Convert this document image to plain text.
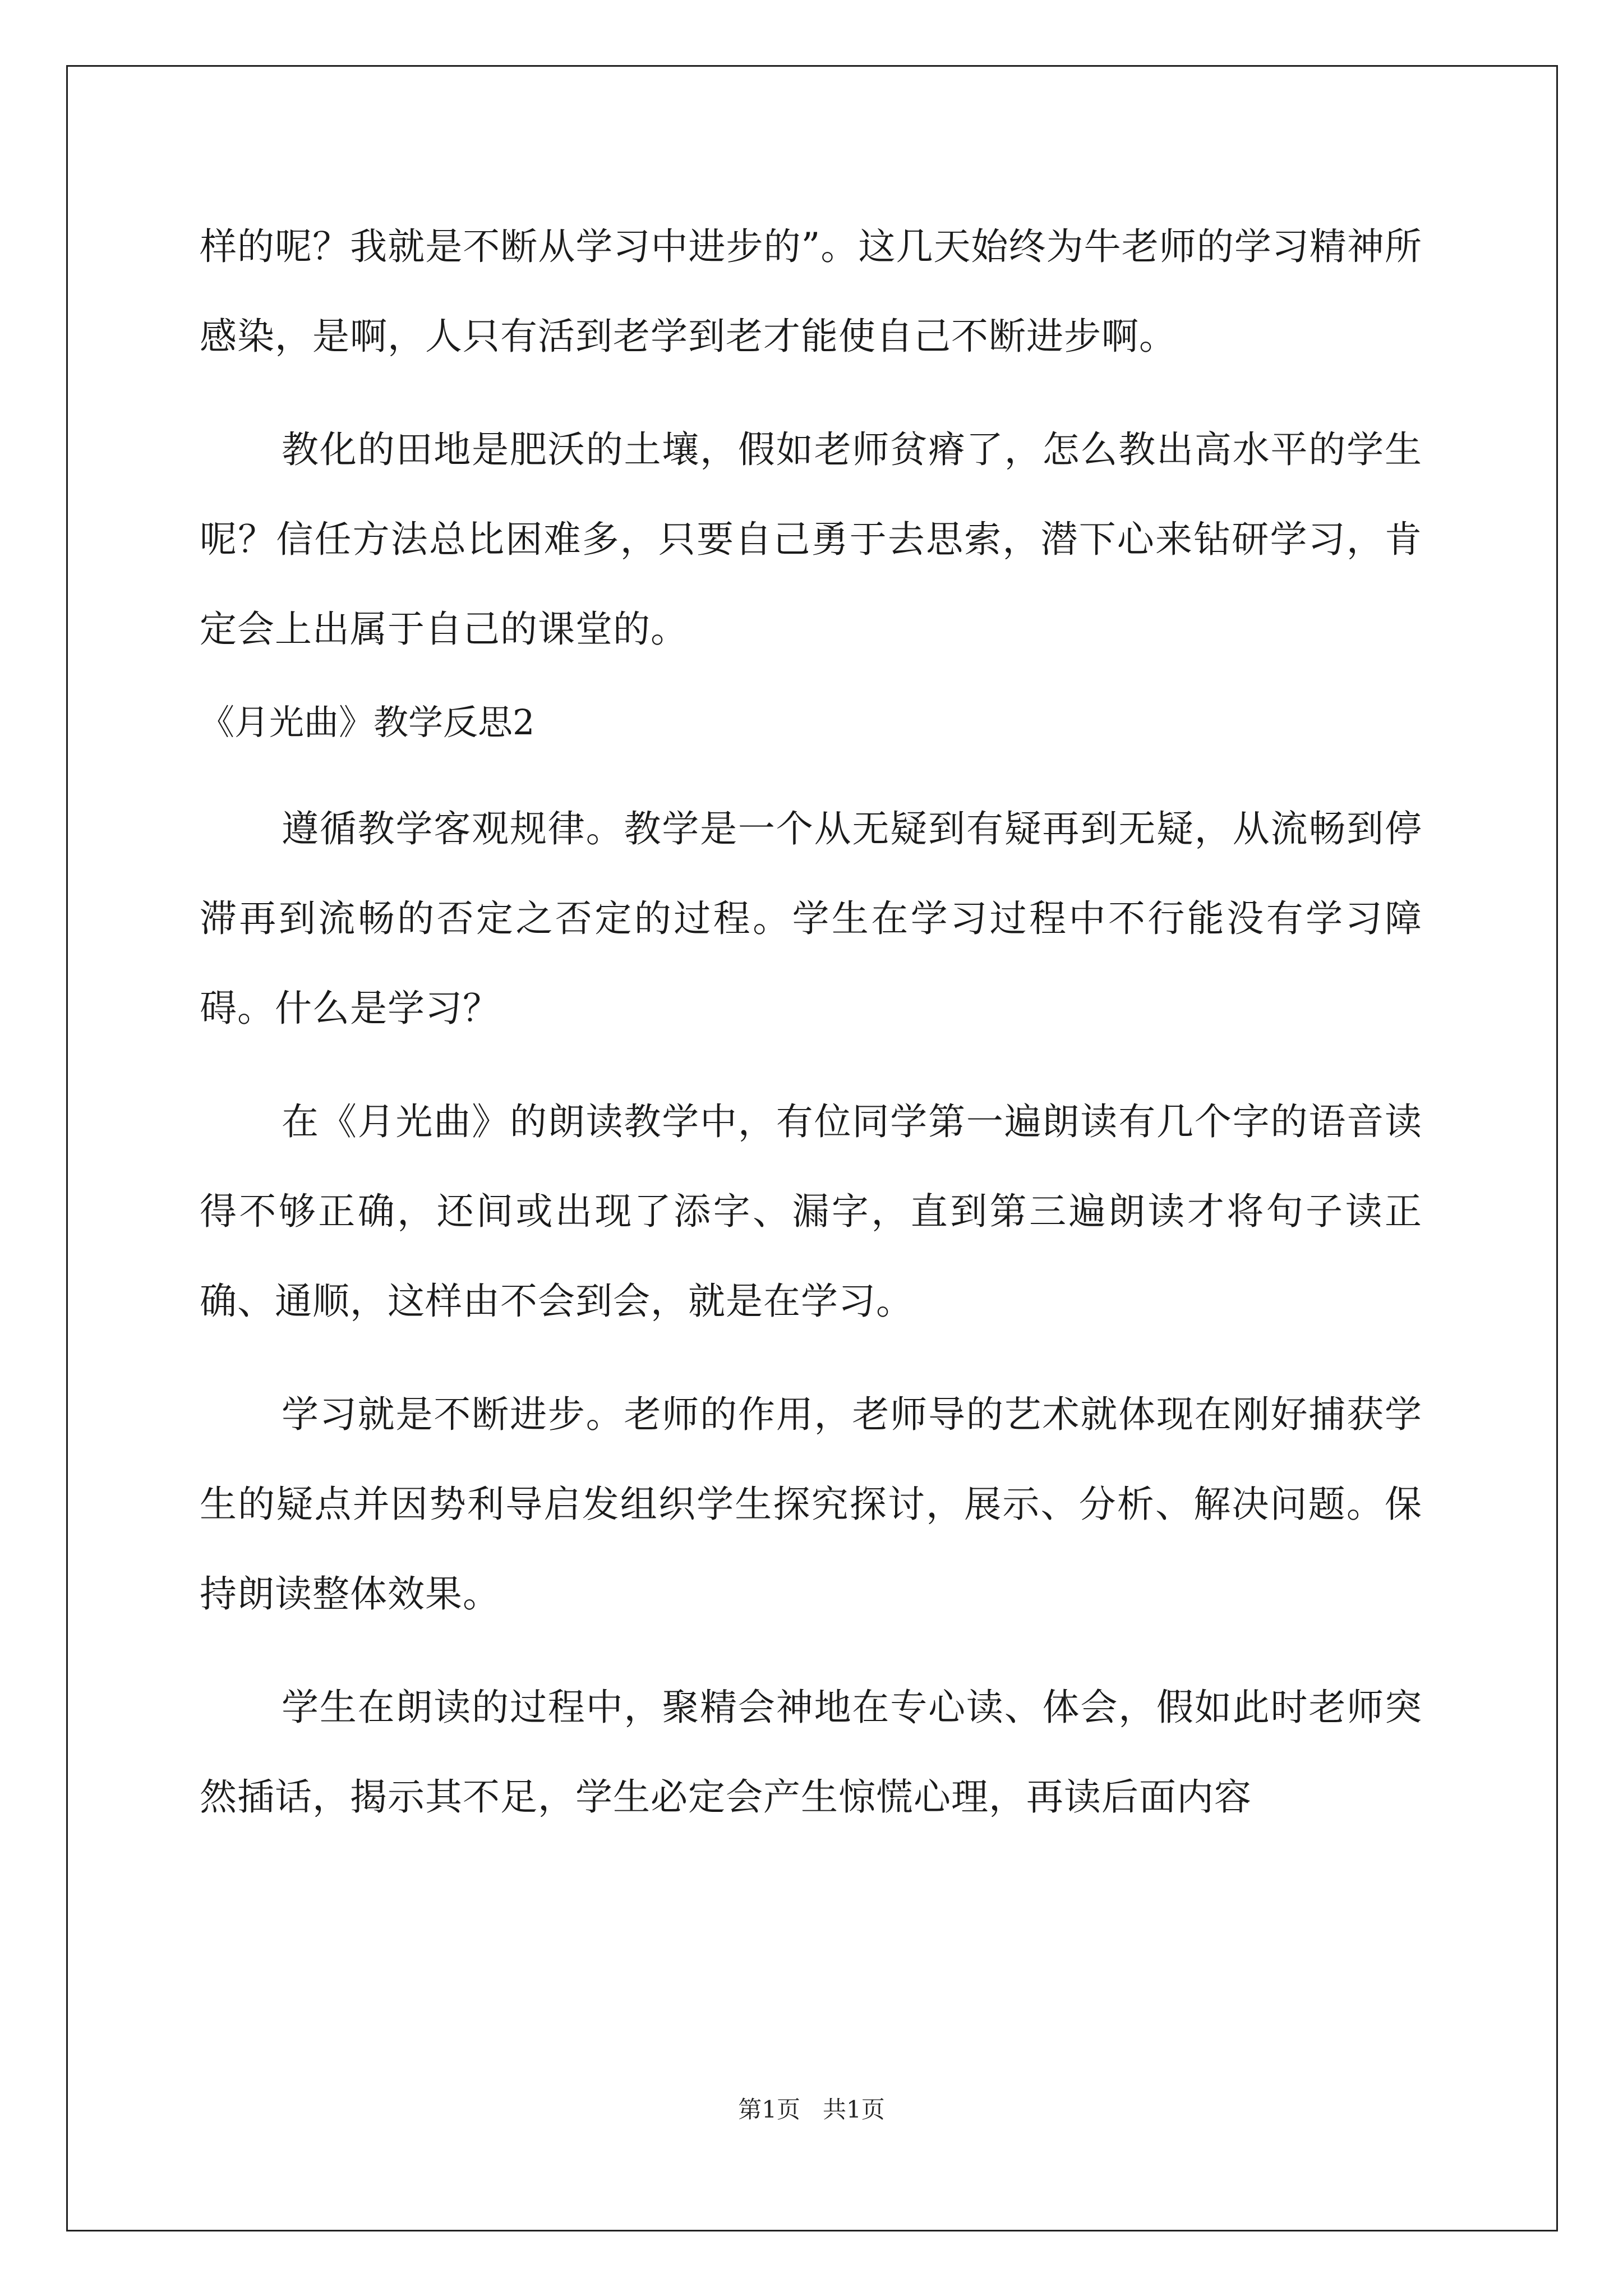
样的呢？我就是不断从学习中进步的”。这几天始终为牛老师的学习精神所感染，是啊，人只有活到老学到老才能使自己不断进步啊。

教化的田地是肥沃的土壤，假如老师贫瘠了，怎么教出高水平的学生呢？信任方法总比困难多，只要自己勇于去思索，潜下心来钻研学习，肯定会上出属于自己的课堂的。

《月光曲》教学反思2

遵循教学客观规律。教学是一个从无疑到有疑再到无疑，从流畅到停滞再到流畅的否定之否定的过程。学生在学习过程中不行能没有学习障碍。什么是学习？

在《月光曲》的朗读教学中，有位同学第一遍朗读有几个字的语音读得不够正确，还间或出现了添字、漏字，直到第三遍朗读才将句子读正确、通顺，这样由不会到会，就是在学习。

学习就是不断进步。老师的作用，老师导的艺术就体现在刚好捕获学生的疑点并因势利导启发组织学生探究探讨，展示、分析、解决问题。保持朗读整体效果。

学生在朗读的过程中，聚精会神地在专心读、体会，假如此时老师突然插话，揭示其不足，学生必定会产生惊慌心理，再读后面内容

第1页   共1页
